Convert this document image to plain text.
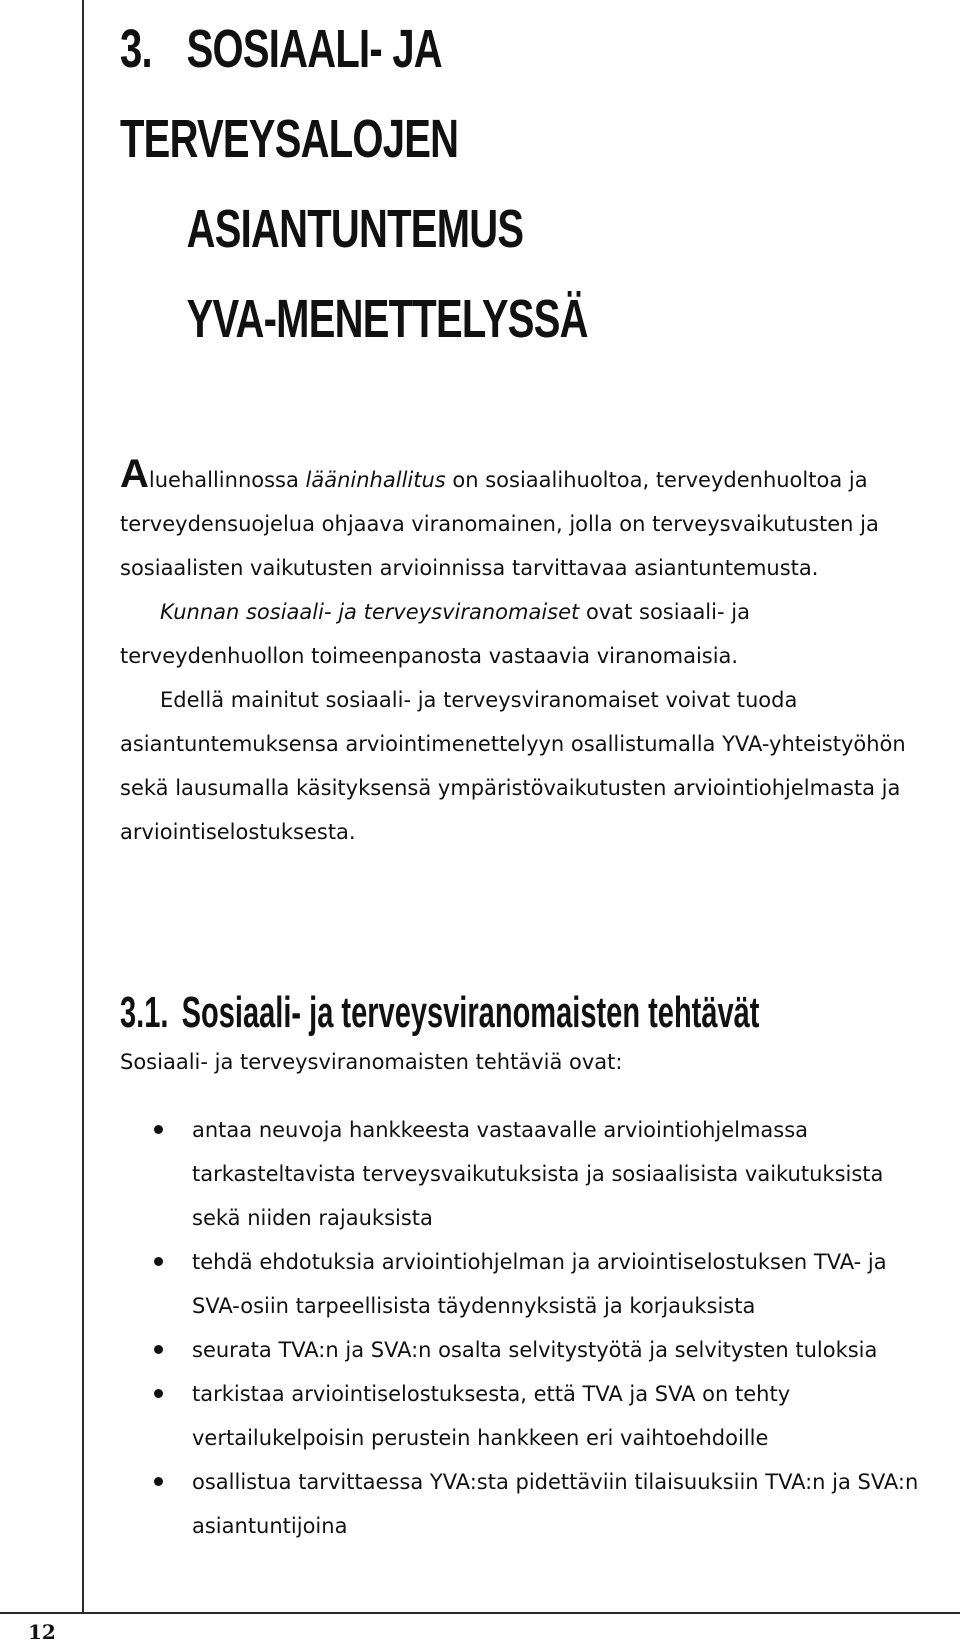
12
3. SOSIAALI- JA TERVEYSALOJEN
ASIANTUNTEMUS
YVA-MENETTELYSSÄ

Aluehallinnossa lääninhallitus on sosiaalihuoltoa, terveydenhuoltoa ja terveydensuojelua ohjaava viranomainen, jolla on terveysvaikutusten ja sosiaalisten vaikutusten arvioinnissa tarvittavaa asiantuntemusta.

Kunnan sosiaali- ja terveysviranomaiset ovat sosiaali- ja terveydenhuollon toimeenpanosta vastaavia viranomaisia.

Edellä mainitut sosiaali- ja terveysviranomaiset voivat tuoda asiantuntemuksensa arviointimenettelyyn osallistumalla YVA-yhteistyöhön sekä lausumalla käsityksensä ympäristövaikutusten arviointiohjelmasta ja arviointiselostuksesta.

3.1. Sosiaali- ja terveysviranomaisten tehtävät

Sosiaali- ja terveysviranomaisten tehtäviä ovat:

antaa neuvoja hankkeesta vastaavalle arviointiohjelmassa tarkasteltavista terveysvaikutuksista ja sosiaalisista vaikutuksista sekä niiden rajauksista
tehdä ehdotuksia arviointiohjelman ja arviointiselostuksen TVA- ja SVA-osiin tarpeellisista täydennyksistä ja korjauksista
seurata TVA:n ja SVA:n osalta selvitystyötä ja selvitysten tuloksia
tarkistaa arviointiselostuksesta, että TVA ja SVA on tehty vertailukelpoisin perustein hankkeen eri vaihtoehdoille
osallistua tarvittaessa YVA:sta pidettäviin tilaisuuksiin TVA:n ja SVA:n asiantuntijoina
